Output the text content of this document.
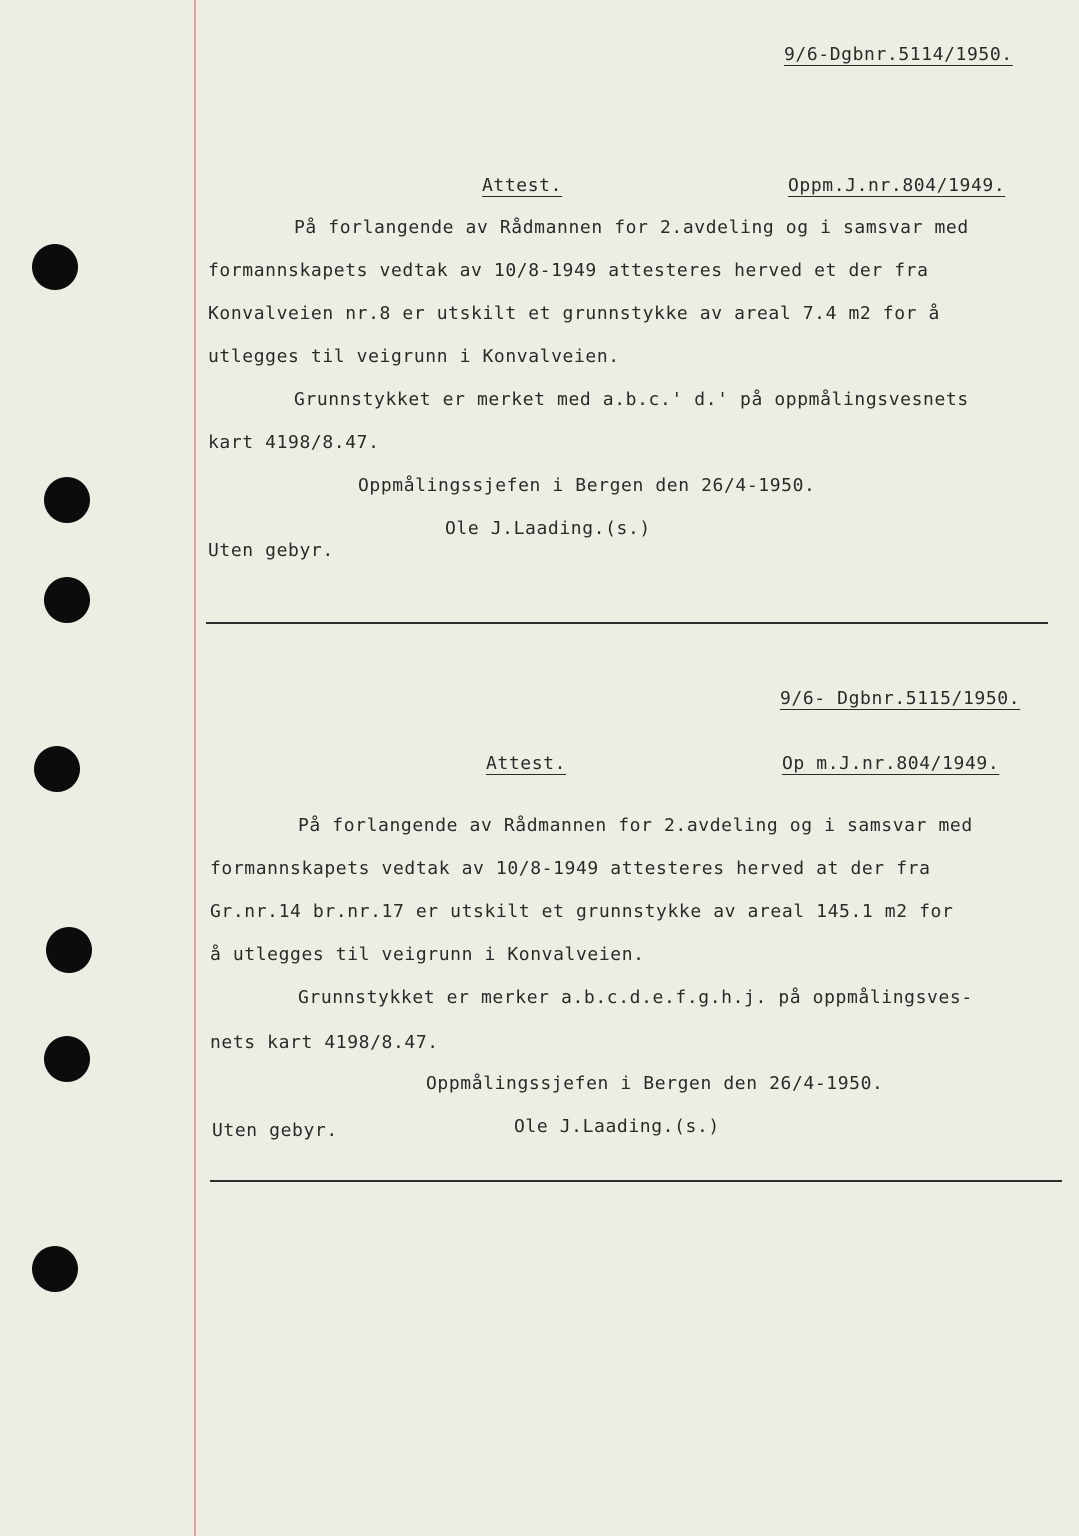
9/6-Dgbnr.5114/1950.
Attest.	Oppm.J.nr.804/1949.
På forlangende av Rådmannen for 2.avdeling og i samsvar med
formannskapets vedtak av 10/8-1949 attesteres herved et der fra
Konvalveien nr.8 er utskilt et grunnstykke av areal 7.4 m2 for å
utlegges til veigrunn i Konvalveien.
Grunnstykket er merket med a.b.c.' d.' på oppmålingsvesnets
kart 4198/8.47.
Oppmålingssjefen i Bergen den 26/4-1950.
Ole J.Laading.(s.)
Uten gebyr.
9/6- Dgbnr.5115/1950.
Attest.	Op m.J.nr.804/1949.
På forlangende av Rådmannen for 2.avdeling og i samsvar med
formannskapets vedtak av 10/8-1949 attesteres herved at der fra
Gr.nr.14 br.nr.17 er utskilt et grunnstykke av areal 145.1 m2 for
å utlegges til veigrunn i Konvalveien.
Grunnstykket er merker a.b.c.d.e.f.g.h.j. på oppmålingsves-
nets kart 4198/8.47.
Oppmålingssjefen i Bergen den 26/4-1950.
Uten gebyr.	Ole J.Laading.(s.)
